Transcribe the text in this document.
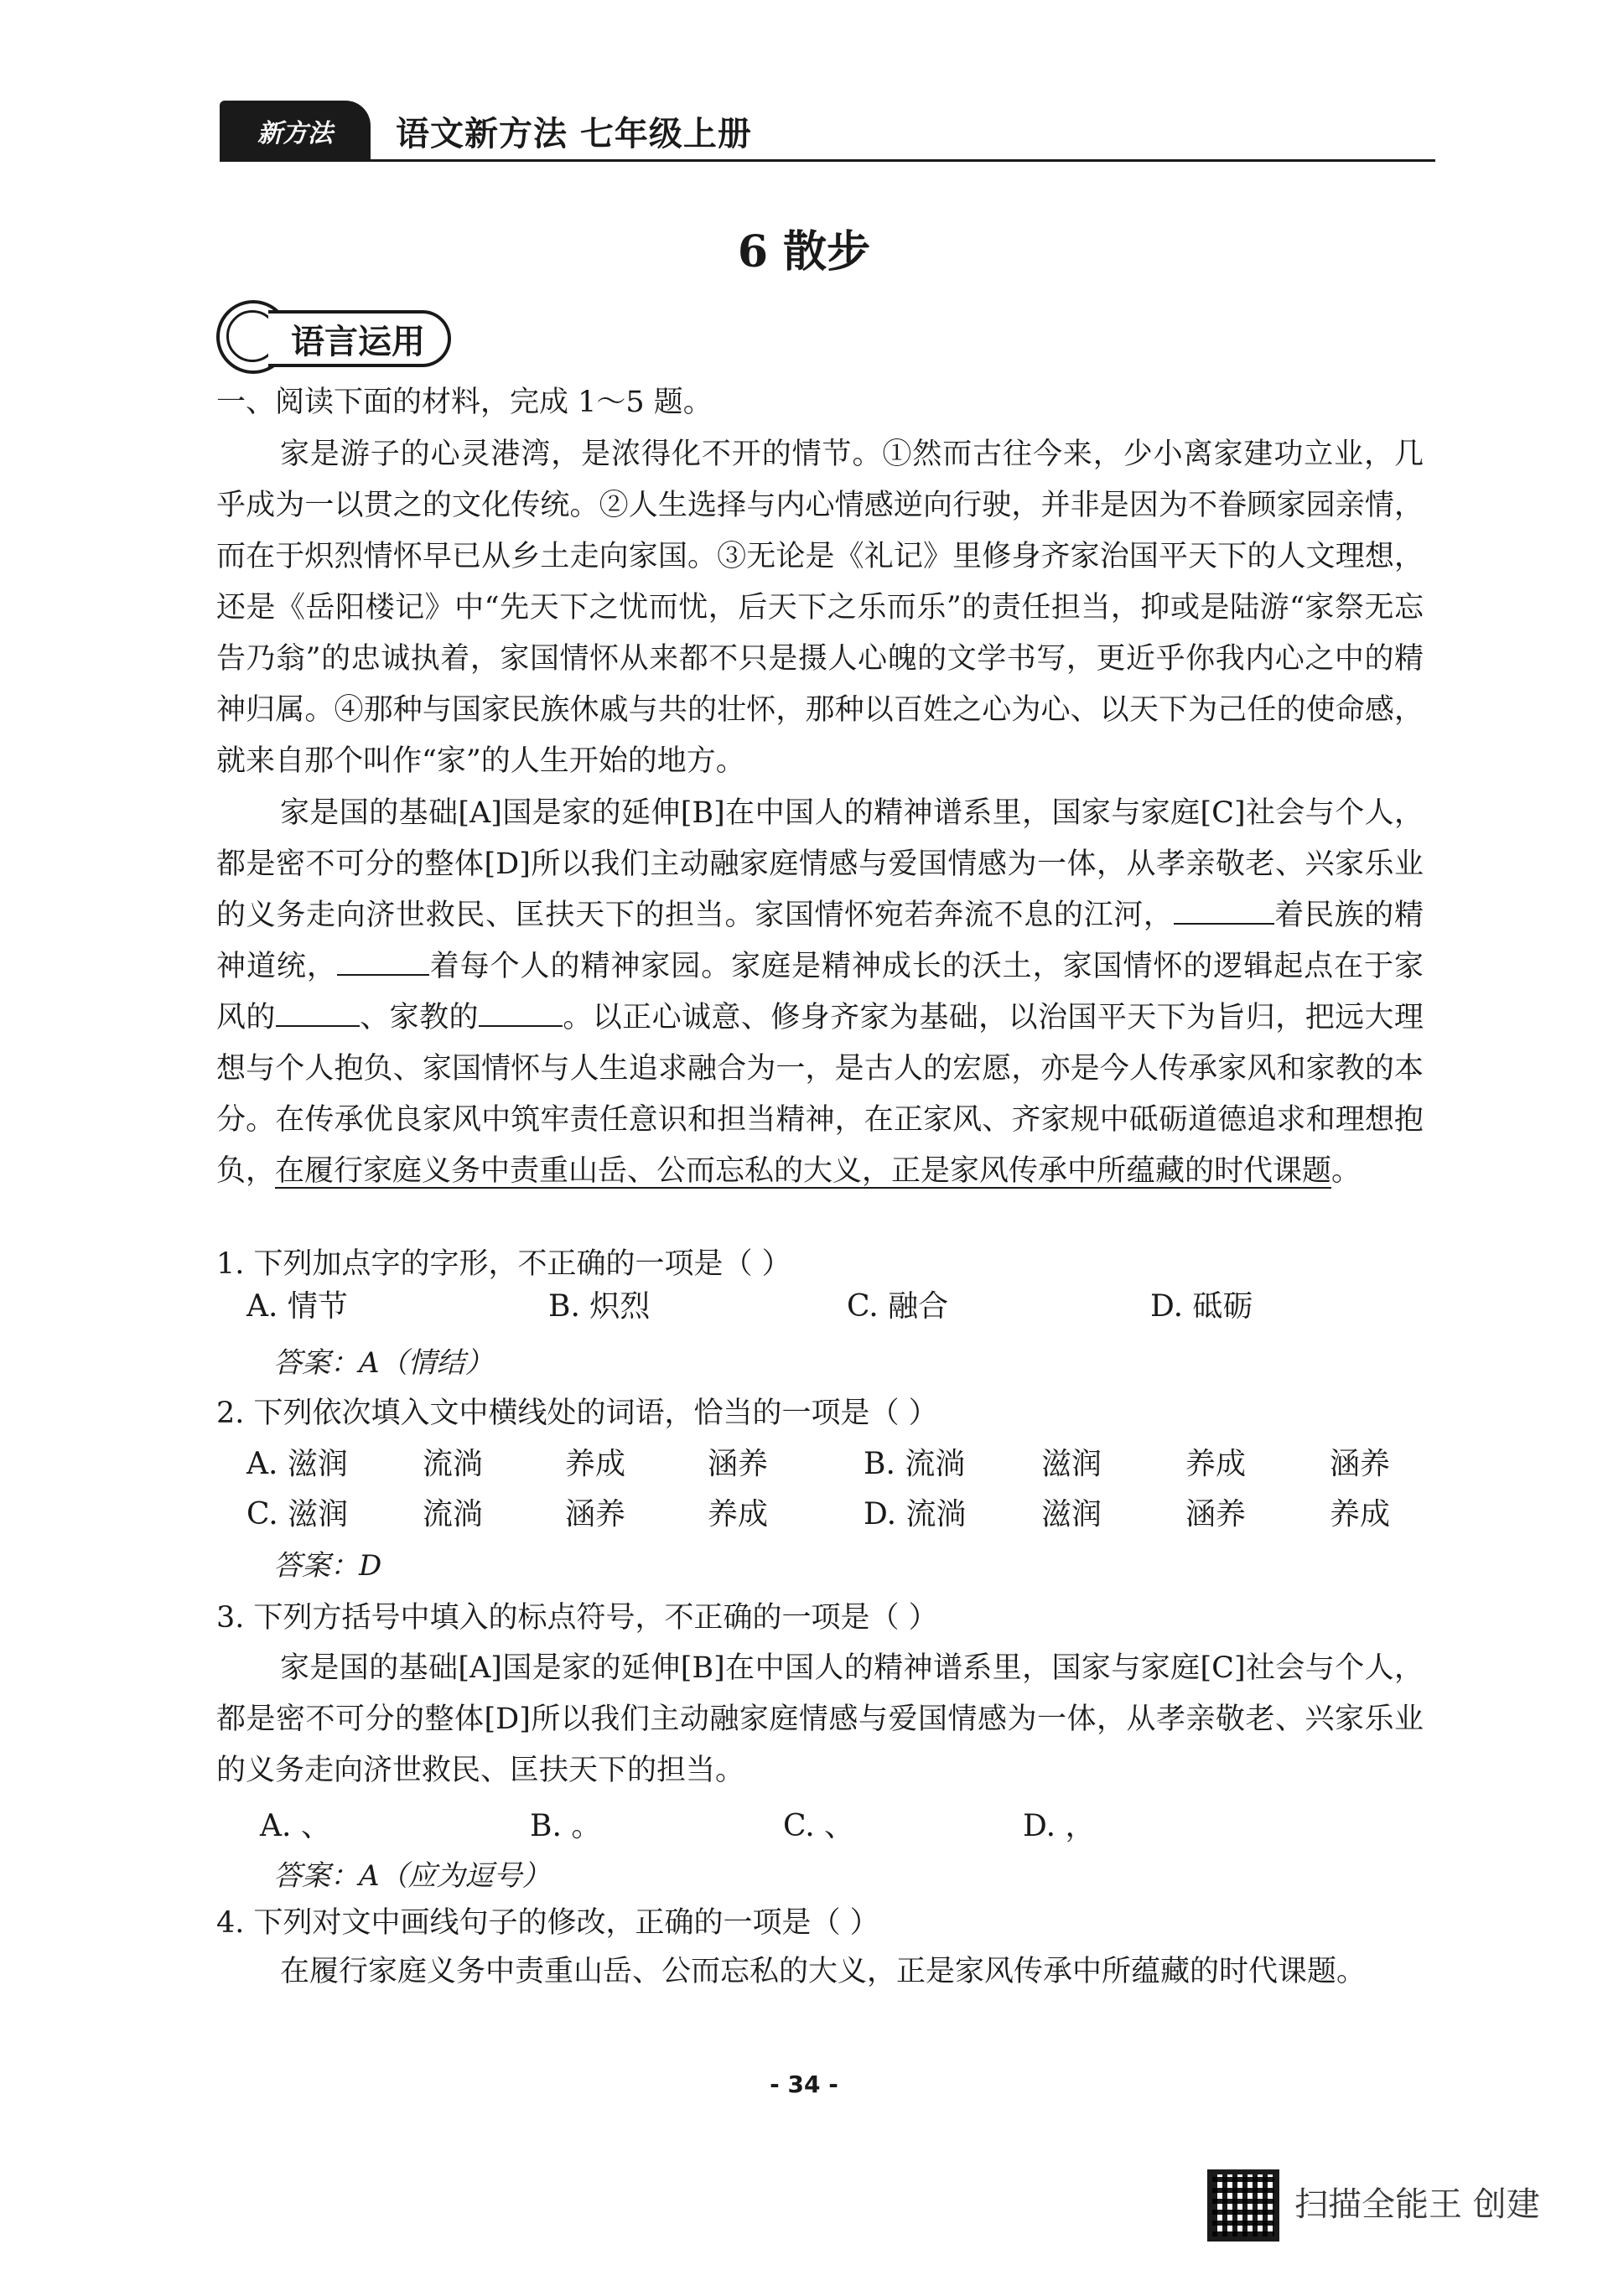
新方法 语文新方法 七年级上册
6 散步
语言运用
一、阅读下面的材料，完成 1～5 题。
家是游子的心灵港湾，是浓得化不开的情节。①然而古往今来，少小离家建功立业，几乎成为一以贯之的文化传统。②人生选择与内心情感逆向行驶，并非是因为不眷顾家园亲情，而在于炽烈情怀早已从乡土走向家国。③无论是《礼记》里修身齐家治国平天下的人文理想，还是《岳阳楼记》中“先天下之忧而忧，后天下之乐而乐”的责任担当，抑或是陆游“家祭无忘告乃翁”的忠诚执着，家国情怀从来都不只是摄人心魄的文学书写，更近乎你我内心之中的精神归属。④那种与国家民族休戚与共的壮怀，那种以百姓之心为心、以天下为己任的使命感，就来自那个叫作“家”的人生开始的地方。
家是国的基础[A]国是家的延伸[B]在中国人的精神谱系里，国家与家庭[C]社会与个人，都是密不可分的整体[D]所以我们主动融家庭情感与爱国情感为一体，从孝亲敬老、兴家乐业的义务走向济世救民、匡扶天下的担当。家国情怀宛若奔流不息的江河，	着民族的精神道统，	着每个人的精神家园。家庭是精神成长的沃土，家国情怀的逻辑起点在于家风的	、家教的	。以正心诚意、修身齐家为基础，以治国平天下为旨归，把远大理想与个人抱负、家国情怀与人生追求融合为一，是古人的宏愿，亦是今人传承家风和家教的本分。在传承优良家风中筑牢责任意识和担当精神，在正家风、齐家规中砥砺道德追求和理想抱负，在履行家庭义务中责重山岳、公而忘私的大义，正是家风传承中所蕴藏的时代课题。
1. 下列加点字的字形，不正确的一项是（ ）
A. 情节	B. 炽烈	C. 融合	D. 砥砺
答案：A（情结）
2. 下列依次填入文中横线处的词语，恰当的一项是（ ）
A. 滋润 流淌	养成	涵养	B. 流淌	滋润	养成	涵养
C. 滋润 流淌	涵养	养成	D. 流淌 滋润	涵养	养成
答案：D
3. 下列方括号中填入的标点符号，不正确的一项是（ ）
家是国的基础[A]国是家的延伸[B]在中国人的精神谱系里，国家与家庭[C]社会与个人，都是密不可分的整体[D]所以我们主动融家庭情感与爱国情感为一体，从孝亲敬老、兴家乐业的义务走向济世救民、匡扶天下的担当。
A. 、	B. 。	C. 、	D. ，
答案：A（应为逗号）
4. 下列对文中画线句子的修改，正确的一项是（ ）
在履行家庭义务中责重山岳、公而忘私的大义，正是家风传承中所蕴藏的时代课题。
- 34 -
扫描全能王 创建
